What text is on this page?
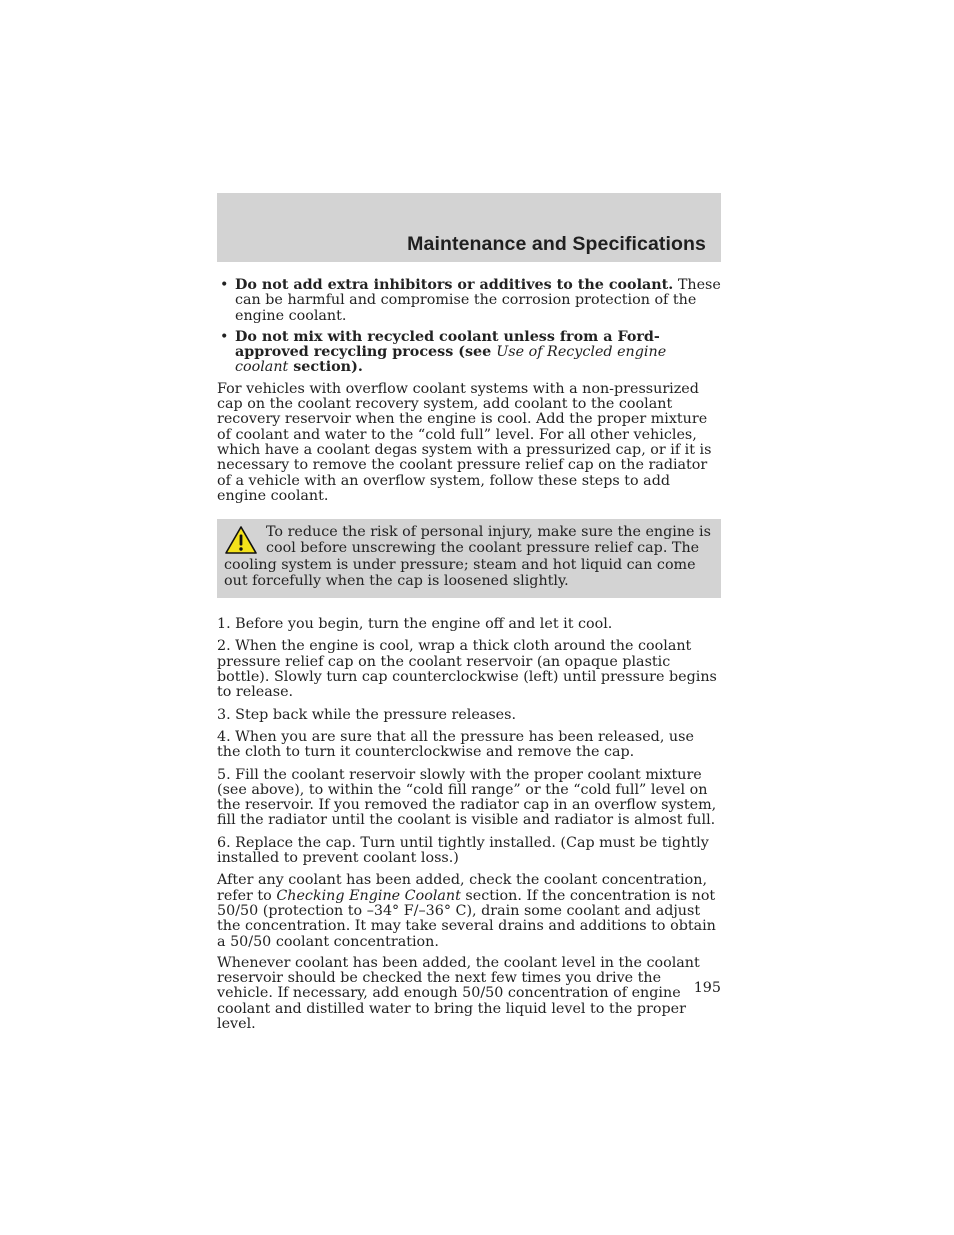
Maintenance and Specifications
• Do not add extra inhibitors or additives to the coolant. These can be harmful and compromise the corrosion protection of the engine coolant.
• Do not mix with recycled coolant unless from a Ford-approved recycling process (see Use of Recycled engine coolant section).

For vehicles with overflow coolant systems with a non-pressurized cap on the coolant recovery system, add coolant to the coolant recovery reservoir when the engine is cool. Add the proper mixture of coolant and water to the “cold full” level. For all other vehicles, which have a coolant degas system with a pressurized cap, or if it is necessary to remove the coolant pressure relief cap on the radiator of a vehicle with an overflow system, follow these steps to add engine coolant.

To reduce the risk of personal injury, make sure the engine is cool before unscrewing the coolant pressure relief cap. The cooling system is under pressure; steam and hot liquid can come out forcefully when the cap is loosened slightly.

1. Before you begin, turn the engine off and let it cool.

2. When the engine is cool, wrap a thick cloth around the coolant pressure relief cap on the coolant reservoir (an opaque plastic bottle). Slowly turn cap counterclockwise (left) until pressure begins to release.

3. Step back while the pressure releases.

4. When you are sure that all the pressure has been released, use the cloth to turn it counterclockwise and remove the cap.

5. Fill the coolant reservoir slowly with the proper coolant mixture (see above), to within the “cold fill range” or the “cold full” level on the reservoir. If you removed the radiator cap in an overflow system, fill the radiator until the coolant is visible and radiator is almost full.

6. Replace the cap. Turn until tightly installed. (Cap must be tightly installed to prevent coolant loss.)

After any coolant has been added, check the coolant concentration, refer to Checking Engine Coolant section. If the concentration is not 50/50 (protection to –34° F/–36° C), drain some coolant and adjust the concentration. It may take several drains and additions to obtain a 50/50 coolant concentration.

Whenever coolant has been added, the coolant level in the coolant reservoir should be checked the next few times you drive the vehicle. If necessary, add enough 50/50 concentration of engine coolant and distilled water to bring the liquid level to the proper level.

195
